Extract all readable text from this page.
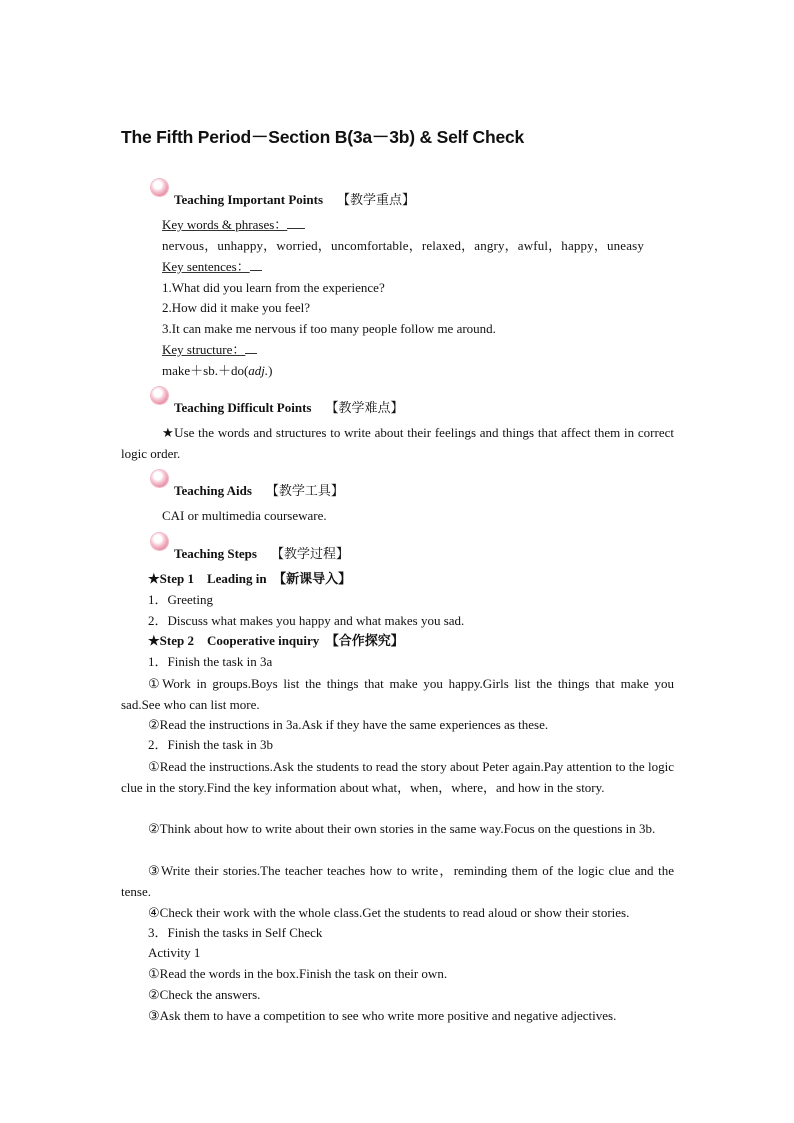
The Fifth Period－Section B(3a－3b) & Self Check
Teaching Important Points 【教学重点】
Key words & phrases：
nervous，unhappy，worried，uncomfortable，relaxed，angry，awful，happy，uneasy
Key sentences：
1.What did you learn from the experience?
2.How did it make you feel?
3.It can make me nervous if too many people follow me around.
Key structure：
make＋sb.＋do(adj.)
Teaching Difficult Points 【教学难点】
★Use the words and structures to write about their feelings and things that affect them in correct logic order.
Teaching Aids 【教学工具】
CAI or multimedia courseware.
Teaching Steps 【教学过程】
★Step 1　Leading in　【新课导入】
1．Greeting
2．Discuss what makes you happy and what makes you sad.
★Step 2　Cooperative inquiry　【合作探究】
1．Finish the task in 3a
①Work in groups.Boys list the things that make you happy.Girls list the things that make you sad.See who can list more.
②Read the instructions in 3a.Ask if they have the same experiences as these.
2．Finish the task in 3b
①Read the instructions.Ask the students to read the story about Peter again.Pay attention to the logic clue in the story.Find the key information about what，when，where，and how in the story.
②Think about how to write about their own stories in the same way.Focus on the questions in 3b.
③Write their stories.The teacher teaches how to write，reminding them of the logic clue and the tense.
④Check their work with the whole class.Get the students to read aloud or show their stories.
3．Finish the tasks in Self Check
Activity 1
①Read the words in the box.Finish the task on their own.
②Check the answers.
③Ask them to have a competition to see who write more positive and negative adjectives.
